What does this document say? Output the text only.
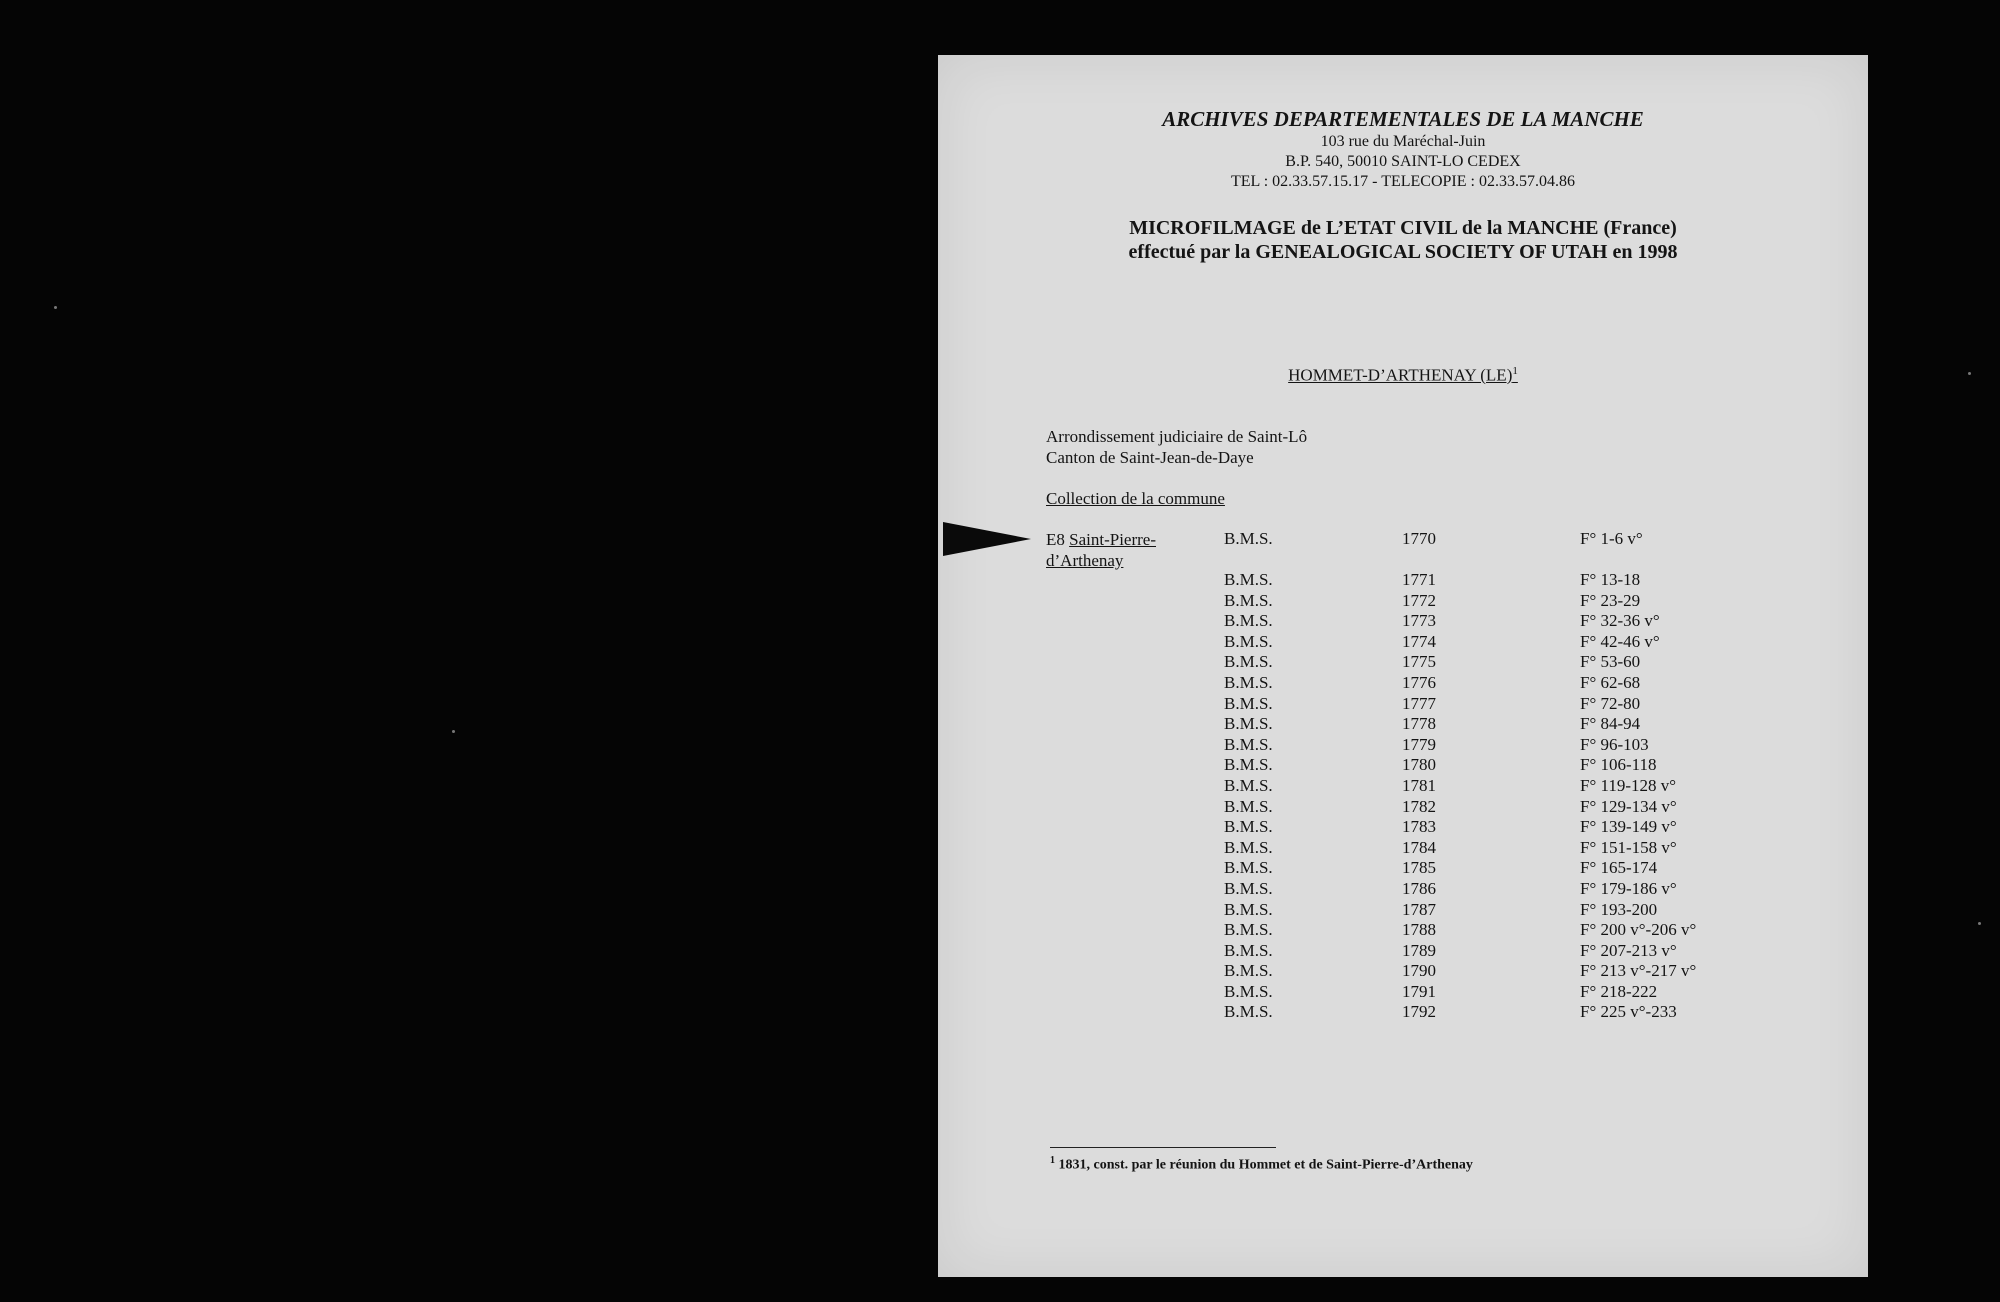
ARCHIVES DEPARTEMENTALES DE LA MANCHE
103 rue du Maréchal-Juin
B.P. 540, 50010 SAINT-LO CEDEX
TEL : 02.33.57.15.17 - TELECOPIE : 02.33.57.04.86
MICROFILMAGE de L’ETAT CIVIL de la MANCHE (France)
effectué par la GENEALOGICAL SOCIETY OF UTAH en 1998
HOMMET-D’ARTHENAY (LE)$^1$
Arrondissement judiciaire de Saint-Lô
Canton de Saint-Jean-de-Daye
Collection de la commune
E8 Saint-Pierre-
d’Arthenay
B.M.S.	1770	F° 1-6 v°
B.M.S.	1771	F° 13-18
B.M.S.	1772	F° 23-29
B.M.S.	1773	F° 32-36 v°
B.M.S.	1774	F° 42-46 v°
B.M.S.	1775	F° 53-60
B.M.S.	1776	F° 62-68
B.M.S.	1777	F° 72-80
B.M.S.	1778	F° 84-94
B.M.S.	1779	F° 96-103
B.M.S.	1780	F° 106-118
B.M.S.	1781	F° 119-128 v°
B.M.S.	1782	F° 129-134 v°
B.M.S.	1783	F° 139-149 v°
B.M.S.	1784	F° 151-158 v°
B.M.S.	1785	F° 165-174
B.M.S.	1786	F° 179-186 v°
B.M.S.	1787	F° 193-200
B.M.S.	1788	F° 200 v°-206 v°
B.M.S.	1789	F° 207-213 v°
B.M.S.	1790	F° 213 v°-217 v°
B.M.S.	1791	F° 218-222
B.M.S.	1792	F° 225 v°-233
$^1$ 1831, const. par le réunion du Hommet et de Saint-Pierre-d’Arthenay
